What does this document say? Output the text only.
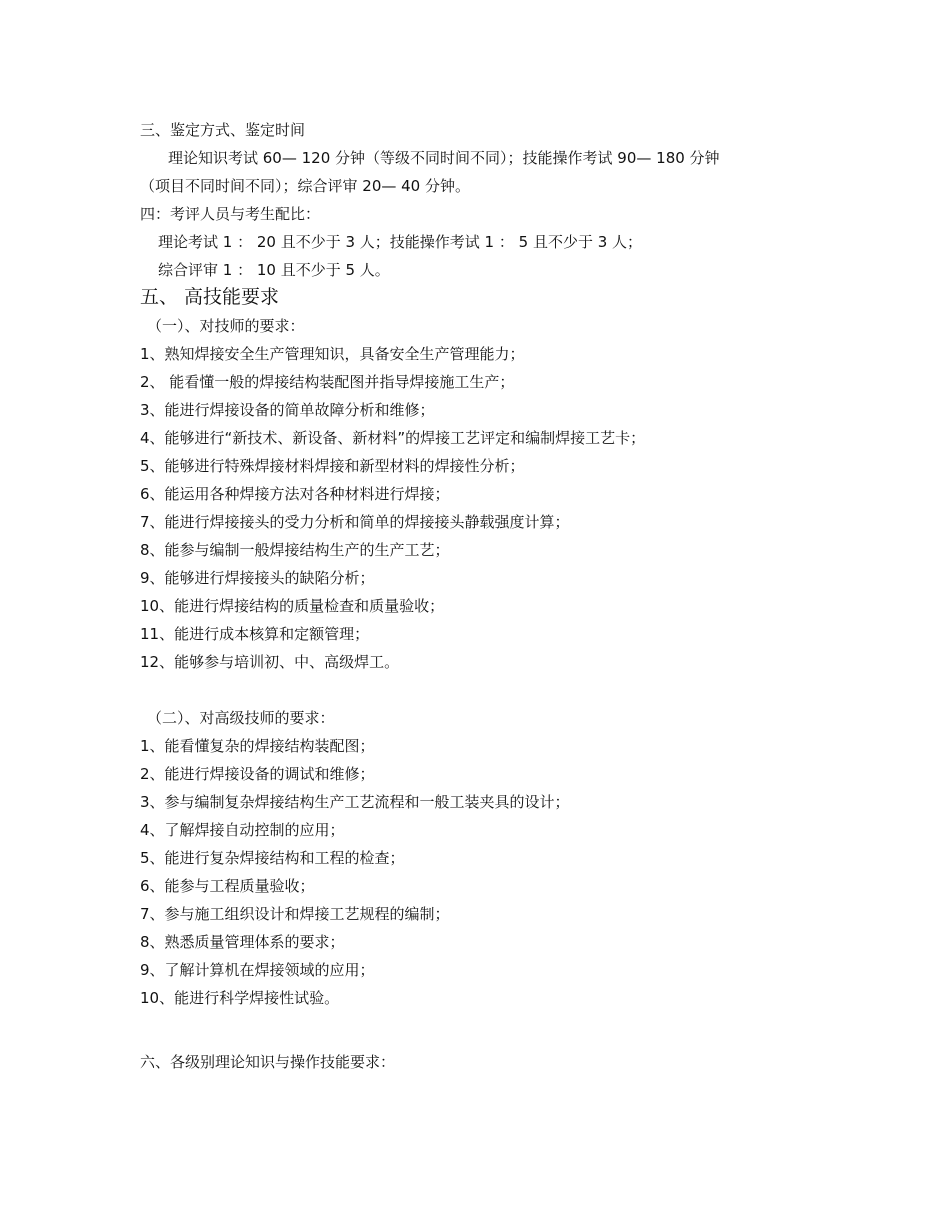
三、鉴定方式、鉴定时间
理论知识考试 60— 120 分钟（等级不同时间不同）；技能操作考试 90— 180 分钟
（项目不同时间不同）；综合评审 20— 40 分钟。
四：考评人员与考生配比：
理论考试 1 ： 20 且不少于 3 人；技能操作考试 1 ： 5 且不少于 3 人；
综合评审 1 ： 10 且不少于 5 人。
五、 高技能要求
（一）、对技师的要求：
1、熟知焊接安全生产管理知识，具备安全生产管理能力；
2、 能看懂一般的焊接结构装配图并指导焊接施工生产；
3、能进行焊接设备的简单故障分析和维修；
4、能够进行“新技术、新设备、新材料”的焊接工艺评定和编制焊接工艺卡；
5、能够进行特殊焊接材料焊接和新型材料的焊接性分析；
6、能运用各种焊接方法对各种材料进行焊接；
7、能进行焊接接头的受力分析和简单的焊接接头静载强度计算；
8、能参与编制一般焊接结构生产的生产工艺；
9、能够进行焊接接头的缺陷分析；
10、能进行焊接结构的质量检查和质量验收；
11、能进行成本核算和定额管理；
12、能够参与培训初、中、高级焊工。
（二）、对高级技师的要求：
1、能看懂复杂的焊接结构装配图；
2、能进行焊接设备的调试和维修；
3、参与编制复杂焊接结构生产工艺流程和一般工装夹具的设计；
4、了解焊接自动控制的应用；
5、能进行复杂焊接结构和工程的检查；
6、能参与工程质量验收；
7、参与施工组织设计和焊接工艺规程的编制；
8、熟悉质量管理体系的要求；
9、了解计算机在焊接领域的应用；
10、能进行科学焊接性试验。
六、各级别理论知识与操作技能要求：
